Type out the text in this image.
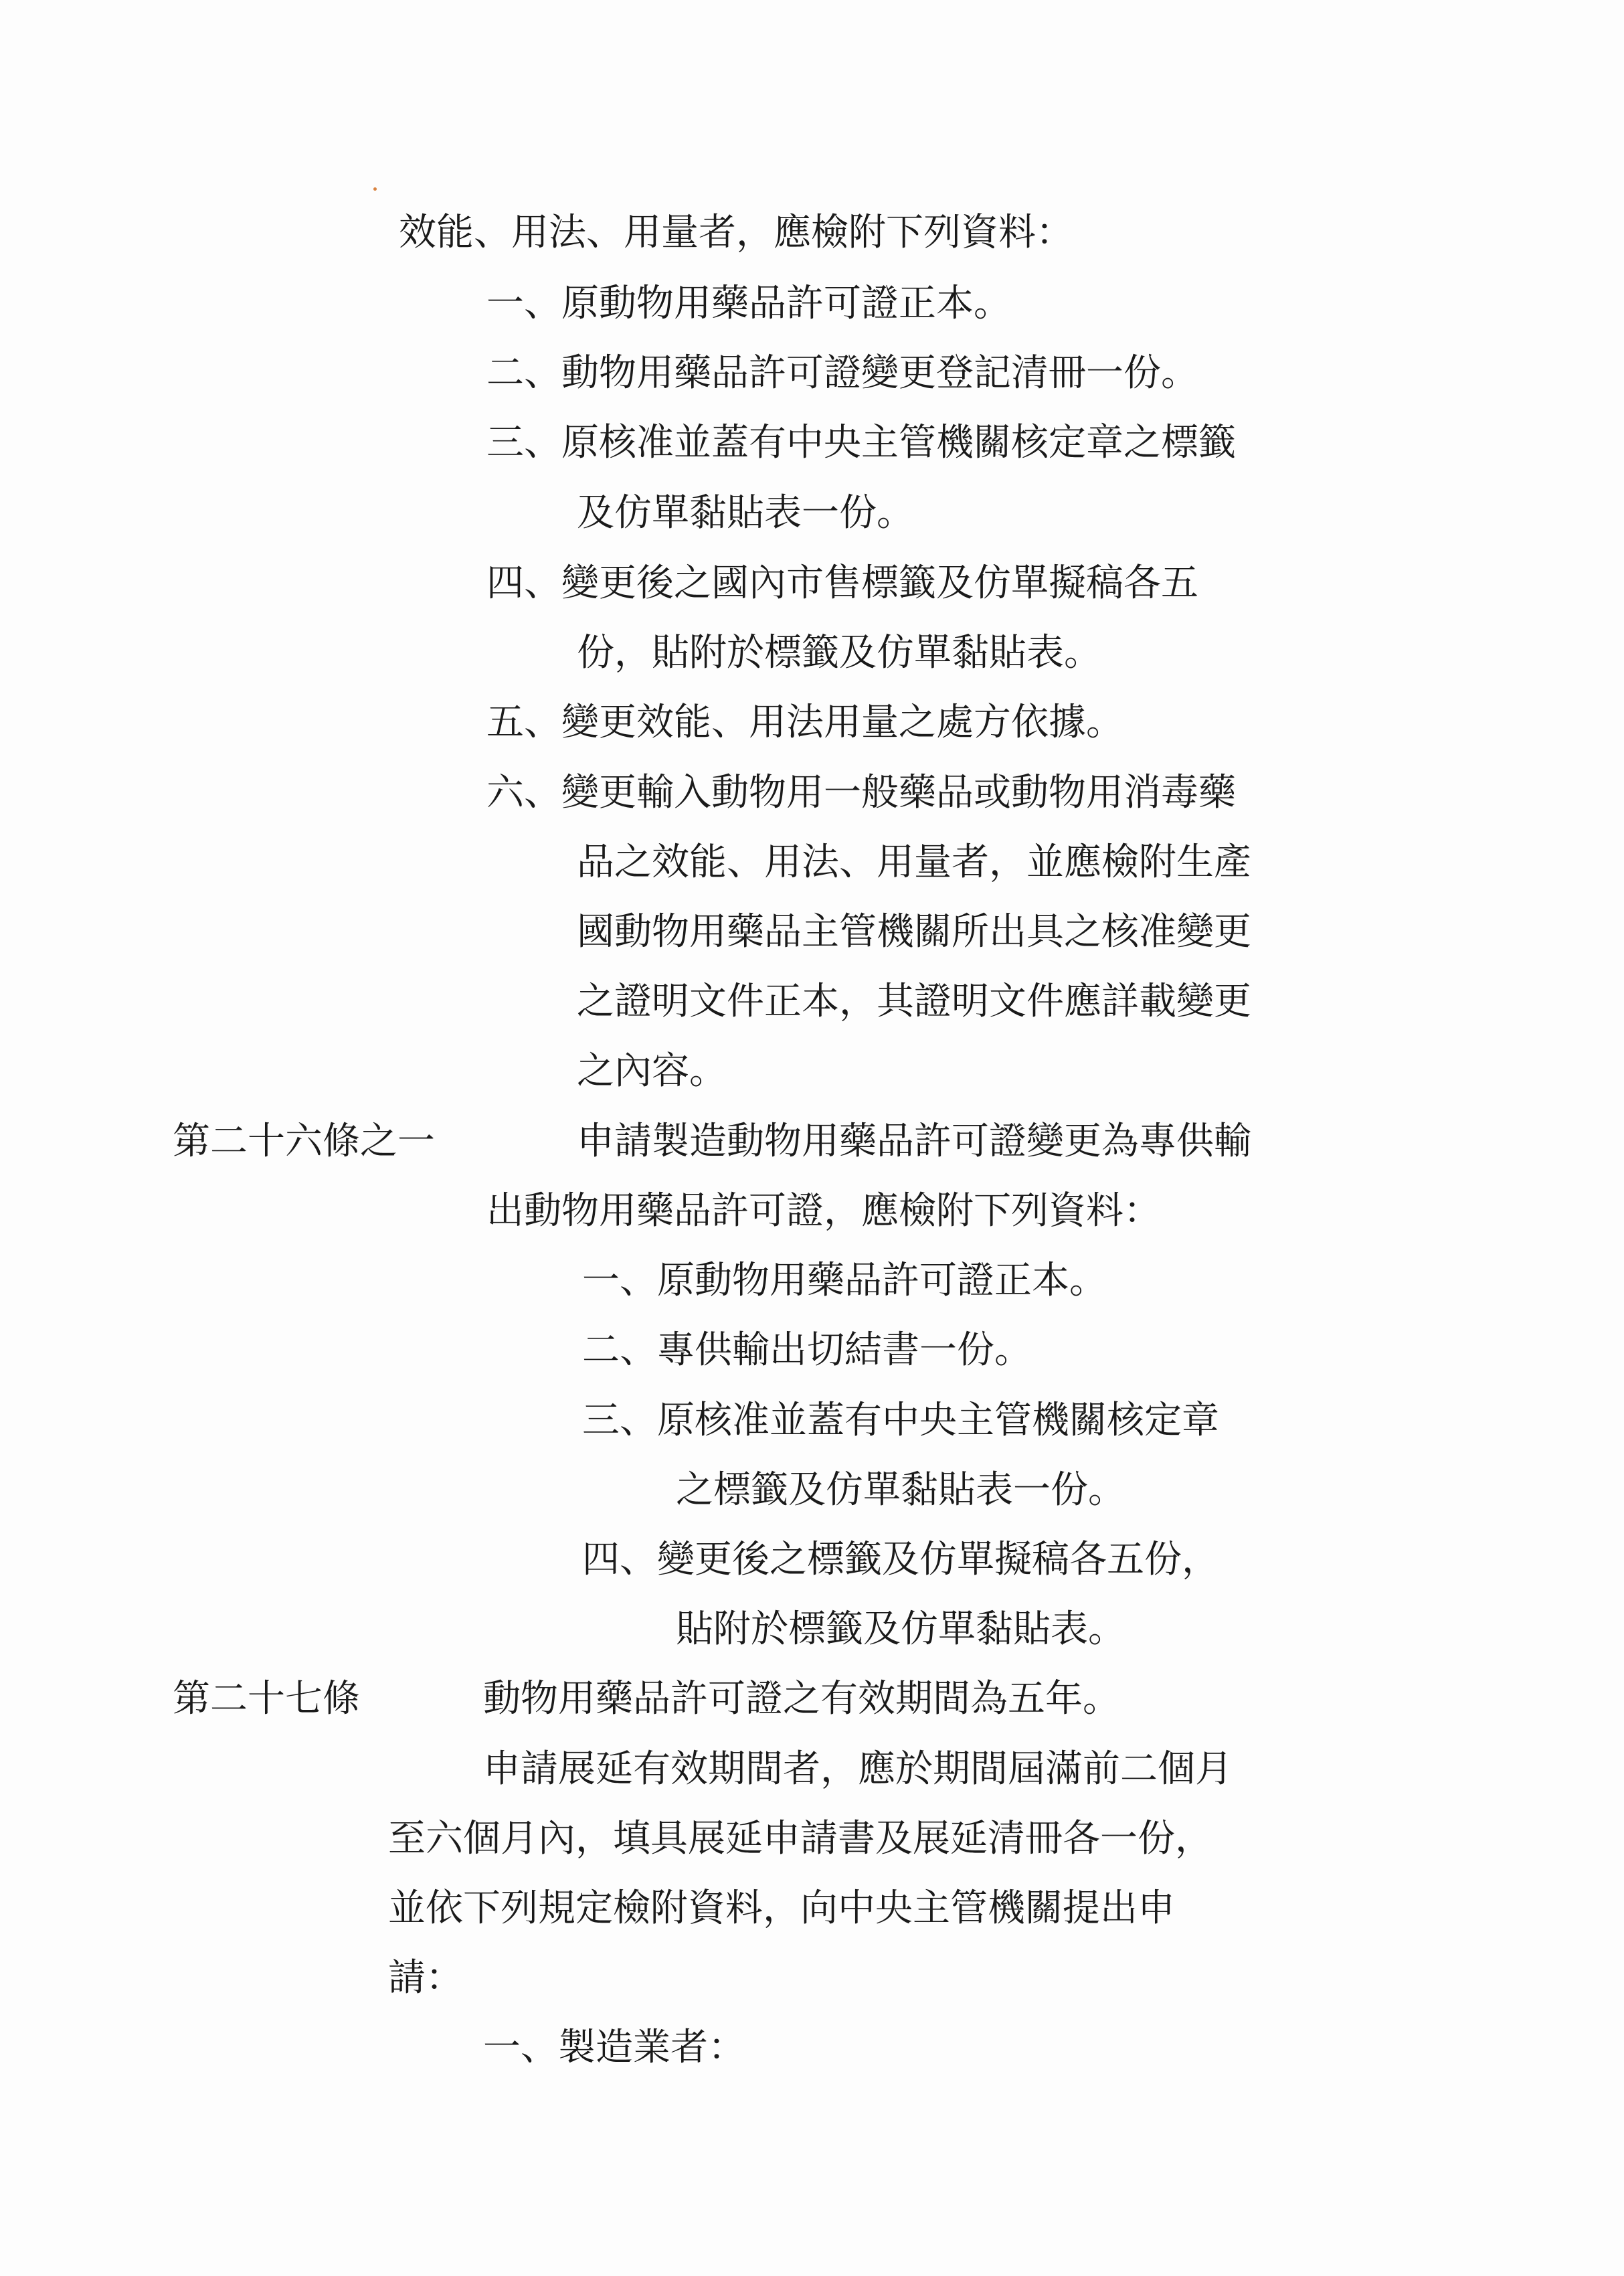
效能、用法、用量者，應檢附下列資料：

一、原動物用藥品許可證正本。

二、動物用藥品許可證變更登記清冊一份。

三、原核准並蓋有中央主管機關核定章之標籤

及仿單黏貼表一份。

四、變更後之國內市售標籤及仿單擬稿各五

份，貼附於標籤及仿單黏貼表。

五、變更效能、用法用量之處方依據。

六、變更輸入動物用一般藥品或動物用消毒藥

品之效能、用法、用量者，並應檢附生產

國動物用藥品主管機關所出具之核准變更

之證明文件正本，其證明文件應詳載變更

之內容。

第二十六條之一	申請製造動物用藥品許可證變更為專供輸

出動物用藥品許可證，應檢附下列資料：

一、原動物用藥品許可證正本。

二、專供輸出切結書一份。

三、原核准並蓋有中央主管機關核定章

之標籤及仿單黏貼表一份。

四、變更後之標籤及仿單擬稿各五份，

貼附於標籤及仿單黏貼表。

第二十七條	動物用藥品許可證之有效期間為五年。

申請展延有效期間者，應於期間屆滿前二個月

至六個月內，填具展延申請書及展延清冊各一份，

並依下列規定檢附資料，向中央主管機關提出申

請：

一、製造業者：
